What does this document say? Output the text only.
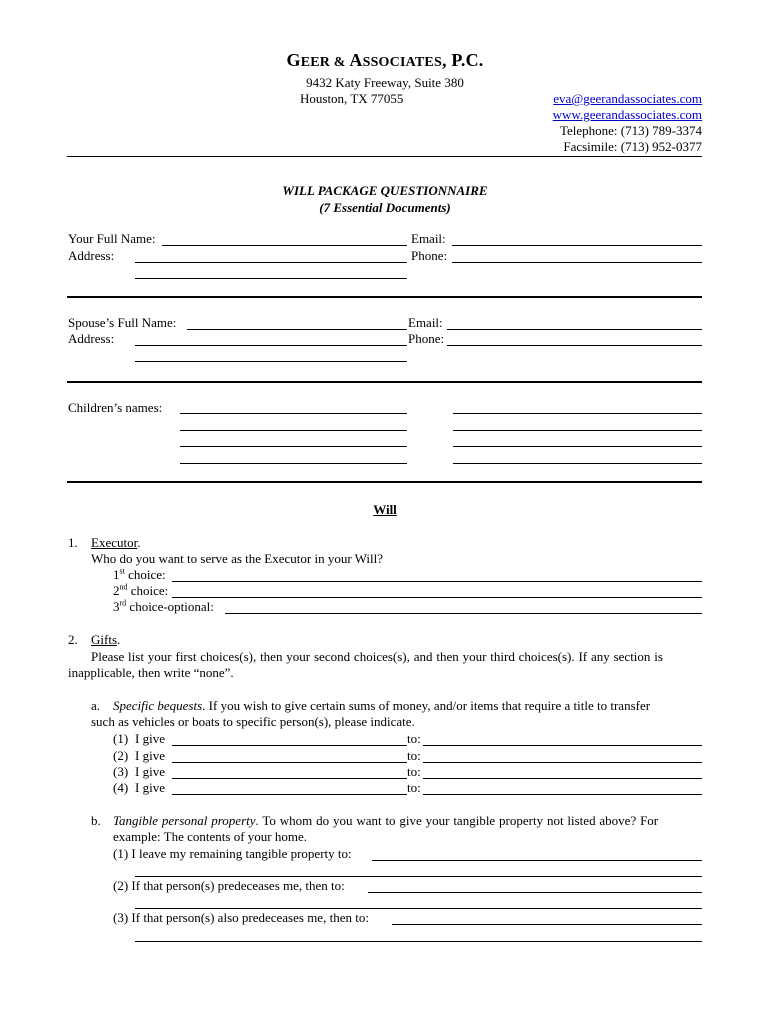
GEER & ASSOCIATES, P.C.
9432 Katy Freeway, Suite 380
Houston, TX 77055	eva@geerandassociates.com
www.geerandassociates.com
Telephone: (713) 789-3374
Facsimile: (713) 952-0377
WILL PACKAGE QUESTIONNAIRE
(7 Essential Documents)
Your Full Name:	Email:
Address:	Phone:
Spouse’s Full Name:	Email:
Address:	Phone:
Children’s names:
Will
1. Executor.
Who do you want to serve as the Executor in your Will?
1st choice:
2nd choice:
3rd choice-optional:
2. Gifts.
Please list your first choices(s), then your second choices(s), and then your third choices(s). If any section is
inapplicable, then write “none”.
a. Specific bequests. If you wish to give certain sums of money, and/or items that require a title to transfer
such as vehicles or boats to specific person(s), please indicate.
(1) I give	to:
(2) I give	to:
(3) I give	to:
(4) I give	to:
b. Tangible personal property. To whom do you want to give your tangible property not listed above? For
example: The contents of your home.
(1) I leave my remaining tangible property to:
(2) If that person(s) predeceases me, then to:
(3) If that person(s) also predeceases me, then to:
